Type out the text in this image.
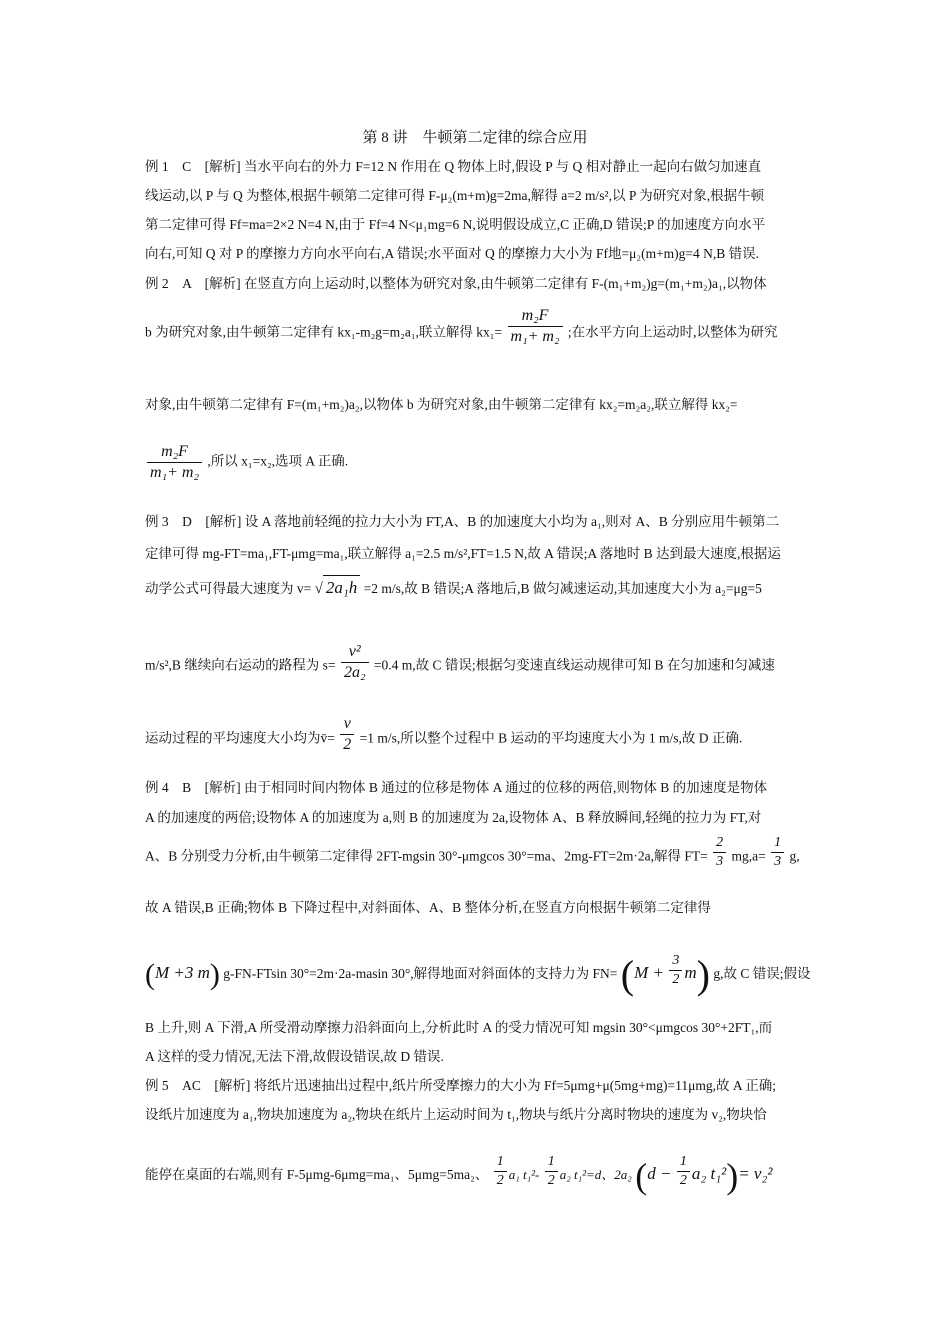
第 8 讲　牛顿第二定律的综合应用
例 1　C　[解析] 当水平向右的外力 F=12 N 作用在 Q 物体上时,假设 P 与 Q 相对静止一起向右做匀加速直
线运动,以 P 与 Q 为整体,根据牛顿第二定律可得 F-μ₂(m+m)g=2ma,解得 a=2 m/s²,以 P 为研究对象,根据牛顿
第二定律可得 Ff=ma=2×2 N=4 N,由于 Ff=4 N<μ₁mg=6 N,说明假设成立,C 正确,D 错误;P 的加速度方向水平
向右,可知 Q 对 P 的摩擦力方向水平向右,A 错误;水平面对 Q 的摩擦力大小为 Ff地=μ₂(m+m)g=4 N,B 错误.
例 2　A　[解析] 在竖直方向上运动时,以整体为研究对象,由牛顿第二定律有 F-(m₁+m₂)g=(m₁+m₂)a₁,以物体
b 为研究对象,由牛顿第二定律有 kx₁-m₂g=m₂a₁,联立解得 $kx_1= \frac{\text{m₂F}}{\text{m₁+ m₂}}$ ;在水平方向上运动时,以整体为研究
对象,由牛顿第二定律有 F=(m₁+m₂)a₂,以物体 b 为研究对象,由牛顿第二定律有 kx₂=m₂a₂,联立解得 kx₂=
$\frac{\text{m₂F}}{\text{m₁+ m₂}}$ ,所以 x₁=x₂,选项 A 正确.
例 3　D　[解析] 设 A 落地前轻绳的拉力大小为 FT,A、B 的加速度大小均为 a₁,则对 A、B 分别应用牛顿第二
定律可得 mg-FT=ma₁,FT-μmg=ma₁,联立解得 a₁=2.5 m/s²,FT=1.5 N,故 A 错误;A 落地时 B 达到最大速度,根据运
动学公式可得最大速度为 v= √ 2a₁h =2 m/s,故 B 错误;A 落地后,B 做匀减速运动,其加速度大小为 a₂=μg=5
m/s²,B 继续向右运动的路程为 $s= \frac{\text{v²}}{\text{2a₂}} =0.4$ m,故 C 错误;根据匀变速直线运动规律可知 B 在匀加速和匀减速
运动过程的平均速度大小均为v̄= $\frac{v}{2} =1$ m/s,所以整个过程中 B 运动的平均速度大小为 1 m/s,故 D 正确.
例 4　B　[解析] 由于相同时间内物体 B 通过的位移是物体 A 通过的位移的两倍,则物体 B 的加速度是物体
A 的加速度的两倍;设物体 A 的加速度为 a,则 B 的加速度为 2a,设物体 A、B 释放瞬间,轻绳的拉力为 FT,对
A、B 分别受力分析,由牛顿第二定律得 2FT-mgsin 30°-μmgcos 30°=ma、2mg-FT=2m·2a,解得 $FT= \frac{2}{3} mg,a= \frac{1}{3} g$,
故 A 错误,B 正确;物体 B 下降过程中,对斜面体、A、B 整体分析,在竖直方向根据牛顿第二定律得
(M +3 m) g-FN-FTsin 30°=2m·2a-masin 30°,解得地面对斜面体的支持力为 $FN= (M + \frac{3}{2} m)$ g,故 C 错误;假设
B 上升,则 A 下滑,A 所受滑动摩擦力沿斜面向上,分析此时 A 的受力情况可知 mgsin 30°<μmgcos 30°+2FT₁,而
A 这样的受力情况,无法下滑,故假设错误,故 D 错误.
例 5　AC　[解析] 将纸片迅速抽出过程中,纸片所受摩擦力的大小为 Ff=5μmg+μ(5mg+mg)=11μmg,故 A 正确;
设纸片加速度为 a₁,物块加速度为 a₂,物块在纸片上运动时间为 t₁,物块与纸片分离时物块的速度为 v₂,物块恰
能停在桌面的右端,则有 F-5μmg-6μmg=ma₁、5μmg=5ma₂、 $\frac{1}{2} a_1$ $t_1^2- \frac{1}{2} a_2$ t₁²=d、2a₂ ($d - \frac{1}{2} a_2$ t₁²)= v₂²
